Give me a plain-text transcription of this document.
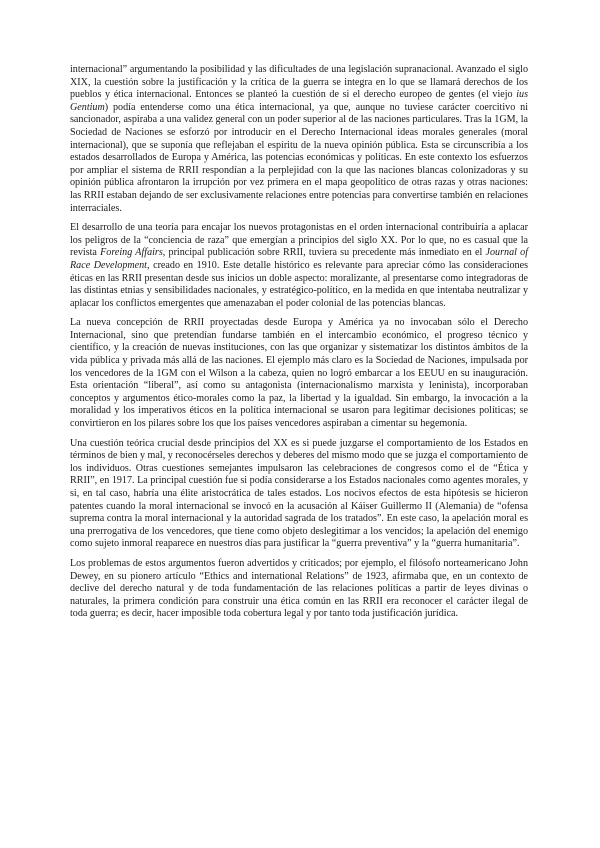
internacional” argumentando la posibilidad y las dificultades de una legislación supranacional. Avanzado el siglo XIX, la cuestión sobre la justificación y la crítica de la guerra se integra en lo que se llamará derechos de los pueblos y ética internacional. Entonces se planteó la cuestión de si el derecho europeo de gentes (el viejo ius Gentium) podía entenderse como una ética internacional, ya que, aunque no tuviese carácter coercitivo ni sancionador, aspiraba a una validez general con un poder superior al de las naciones particulares. Tras la 1GM, la Sociedad de Naciones se esforzó por introducir en el Derecho Internacional ideas morales generales (moral internacional), que se suponía que reflejaban el espíritu de la nueva opinión pública. Esta se circunscribía a los estados desarrollados de Europa y América, las potencias económicas y políticas. En este contexto los esfuerzos por ampliar el sistema de RRII respondían a la perplejidad con la que las naciones blancas colonizadoras y su opinión pública afrontaron la irrupción por vez primera en el mapa geopolítico de otras razas y otras naciones: las RRII estaban dejando de ser exclusivamente relaciones entre potencias para convertirse también en relaciones interraciales.

El desarrollo de una teoría para encajar los nuevos protagonistas en el orden internacional contribuiría a aplacar los peligros de la “conciencia de raza” que emergían a principios del siglo XX. Por lo que, no es casual que la revista Foreing Affairs, principal publicación sobre RRII, tuviera su precedente más inmediato en el Journal of Race Development, creado en 1910. Este detalle histórico es relevante para apreciar cómo las consideraciones éticas en las RRII presentan desde sus inicios un doble aspecto: moralizante, al presentarse como integradoras de las distintas etnias y sensibilidades nacionales, y estratégico-político, en la medida en que intentaba neutralizar y aplacar los conflictos emergentes que amenazaban el poder colonial de las potencias blancas.

La nueva concepción de RRII proyectadas desde Europa y América ya no invocaban sólo el Derecho Internacional, sino que pretendían fundarse también en el intercambio económico, el progreso técnico y científico, y la creación de nuevas instituciones, con las que organizar y sistematizar los distintos ámbitos de la vida pública y privada más allá de las naciones. El ejemplo más claro es la Sociedad de Naciones, impulsada por los vencedores de la 1GM con el Wilson a la cabeza, quien no logró embarcar a los EEUU en su inauguración. Esta orientación “liberal”, así como su antagonista (internacionalismo marxista y leninista), incorporaban conceptos y argumentos ético-morales como la paz, la libertad y la igualdad. Sin embargo, la invocación a la moralidad y los imperativos éticos en la política internacional se usaron para legitimar decisiones políticas; se convirtieron en los pilares sobre los que los países vencedores aspiraban a cimentar su hegemonía.

Una cuestión teórica crucial desde principios del XX es si puede juzgarse el comportamiento de los Estados en términos de bien y mal, y reconocérseles derechos y deberes del mismo modo que se juzga el comportamiento de los individuos. Otras cuestiones semejantes impulsaron las celebraciones de congresos como el de “Ética y RRII”, en 1917. La principal cuestión fue si podía considerarse a los Estados nacionales como agentes morales, y si, en tal caso, habría una élite aristocrática de tales estados. Los nocivos efectos de esta hipótesis se hicieron patentes cuando la moral internacional se invocó en la acusación al Káiser Guillermo II (Alemania) de “ofensa suprema contra la moral internacional y la autoridad sagrada de los tratados”. En este caso, la apelación moral es una prerrogativa de los vencedores, que tiene como objeto deslegitimar a los vencidos; la apelación del enemigo como sujeto inmoral reaparece en nuestros días para justificar la “guerra preventiva” y la “guerra humanitaria”.

Los problemas de estos argumentos fueron advertidos y criticados; por ejemplo, el filósofo norteamericano John Dewey, en su pionero artículo “Ethics and international Relations” de 1923, afirmaba que, en un contexto de declive del derecho natural y de toda fundamentación de las relaciones políticas a partir de leyes divinas o naturales, la primera condición para construir una ética común en las RRII era reconocer el carácter ilegal de toda guerra; es decir, hacer imposible toda cobertura legal y por tanto toda justificación jurídica.
